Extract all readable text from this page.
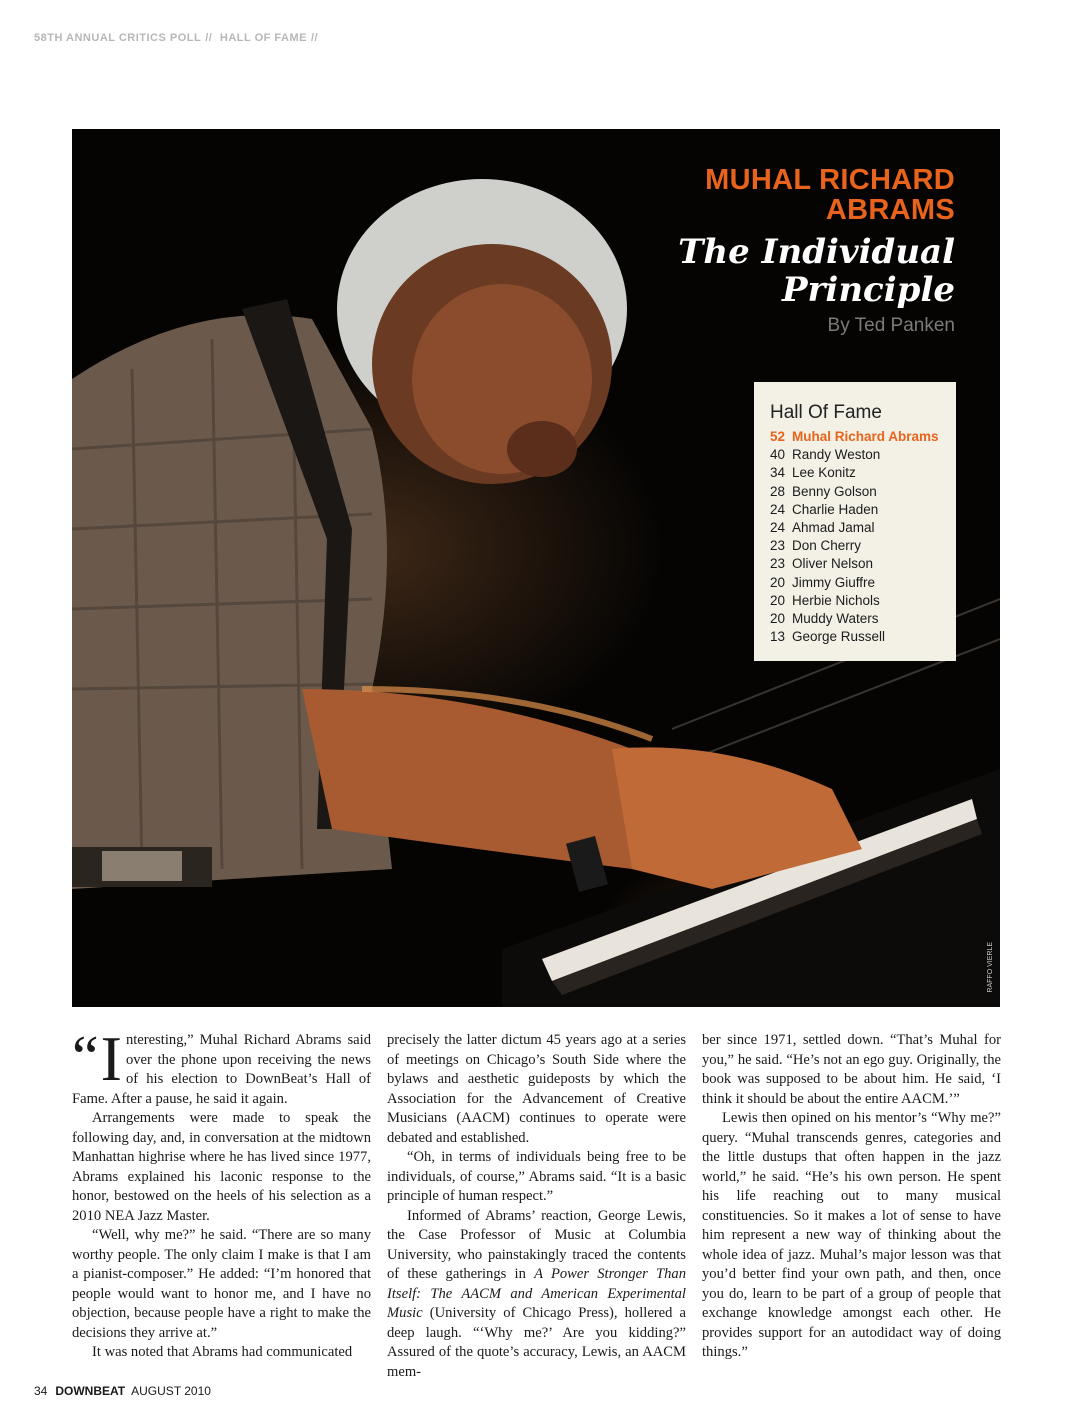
58TH ANNUAL CRITICS POLL // HALL OF FAME //
MUHAL RICHARD
ABRAMS
The Individual
Principle
By Ted Panken
Hall Of Fame
52 Muhal Richard Abrams
40 Randy Weston
34 Lee Konitz
28 Benny Golson
24 Charlie Haden
24 Ahmad Jamal
23 Don Cherry
23 Oliver Nelson
20 Jimmy Giuffre
20 Herbie Nichols
20 Muddy Waters
13 George Russell
RAFFO VIERLE

“ I nteresting,” Muhal Richard Abrams said over the phone upon receiving the news of his election to DownBeat’s Hall of Fame. After a pause, he said it again.

Arrangements were made to speak the following day, and, in conversation at the midtown Manhattan highrise where he has lived since 1977, Abrams explained his laconic response to the honor, bestowed on the heels of his selection as a 2010 NEA Jazz Master.

“Well, why me?” he said. “There are so many worthy people. The only claim I make is that I am a pianist-composer.” He added: “I’m honored that people would want to honor me, and I have no objection, because people have a right to make the decisions they arrive at.”

It was noted that Abrams had communicated

precisely the latter dictum 45 years ago at a series of meetings on Chicago’s South Side where the bylaws and aesthetic guideposts by which the Association for the Advancement of Creative Musicians (AACM) continues to operate were debated and established.

“Oh, in terms of individuals being free to be individuals, of course,” Abrams said. “It is a basic principle of human respect.”

Informed of Abrams’ reaction, George Lewis, the Case Professor of Music at Columbia University, who painstakingly traced the contents of these gatherings in A Power Stronger Than Itself: The AACM and American Experimental Music (University of Chicago Press), hollered a deep laugh. “‘Why me?’ Are you kidding?” Assured of the quote’s accuracy, Lewis, an AACM mem-

ber since 1971, settled down. “That’s Muhal for you,” he said. “He’s not an ego guy. Originally, the book was supposed to be about him. He said, ‘I think it should be about the entire AACM.’”

Lewis then opined on his mentor’s “Why me?” query. “Muhal transcends genres, categories and the little dustups that often happen in the jazz world,” he said. “He’s his own person. He spent his life reaching out to many musical constituencies. So it makes a lot of sense to have him represent a new way of thinking about the whole idea of jazz. Muhal’s major lesson was that you’d better find your own path, and then, once you do, learn to be part of a group of people that exchange knowledge amongst each other. He provides support for an autodidact way of doing things.”

34 DOWNBEAT AUGUST 2010
